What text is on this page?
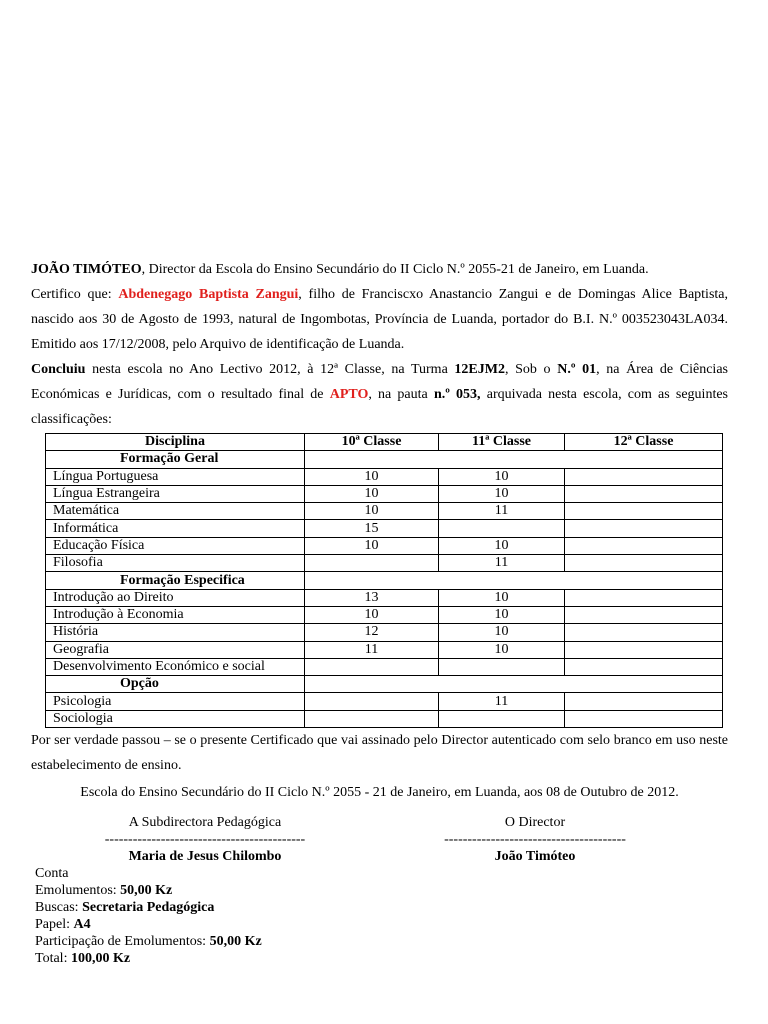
JOÃO TIMÓTEO, Director da Escola do Ensino Secundário do II Ciclo N.º 2055-21 de Janeiro, em Luanda.

Certifico que: Abdenegago Baptista Zangui, filho de Franciscxo Anastancio Zangui e de Domingas Alice Baptista, nascido aos 30 de Agosto de 1993, natural de Ingombotas, Província de Luanda, portador do B.I. N.º 003523043LA034. Emitido aos 17/12/2008, pelo Arquivo de identificação de Luanda.

Concluiu nesta escola no Ano Lectivo 2012, à 12ª Classe, na Turma 12EJM2, Sob o N.º 01, na Área de Ciências Económicas e Jurídicas, com o resultado final de APTO, na pauta n.º 053, arquivada nesta escola, com as seguintes classificações:

Disciplina	10ª Classe	11ª Classe	12ª Classe
Formação Geral			
Língua Portuguesa	10	10	
Língua Estrangeira	10	10	
Matemática	10	11	
Informática	15		
Educação Física	10	10	
Filosofia		11	
Formação Especifica			
Introdução ao Direito	13	10	
Introdução à Economia	10	10	
História	12	10	
Geografia	11	10	
Desenvolvimento Económico e social			
Opção			
Psicologia		11	
Sociologia			

Por ser verdade passou – se o presente Certificado que vai assinado pelo Director autenticado com selo branco em uso neste estabelecimento de ensino.

Escola do Ensino Secundário do II Ciclo N.º 2055 - 21 de Janeiro, em Luanda, aos 08 de Outubro de 2012.

A Subdirectora Pedagógica
-------------------------------------------
Maria de Jesus Chilombo
O Director
---------------------------------------
João Timóteo
Conta
Emolumentos: 50,00 Kz
Buscas: Secretaria Pedagógica
Papel: A4
Participação de Emolumentos: 50,00 Kz
Total: 100,00 Kz
